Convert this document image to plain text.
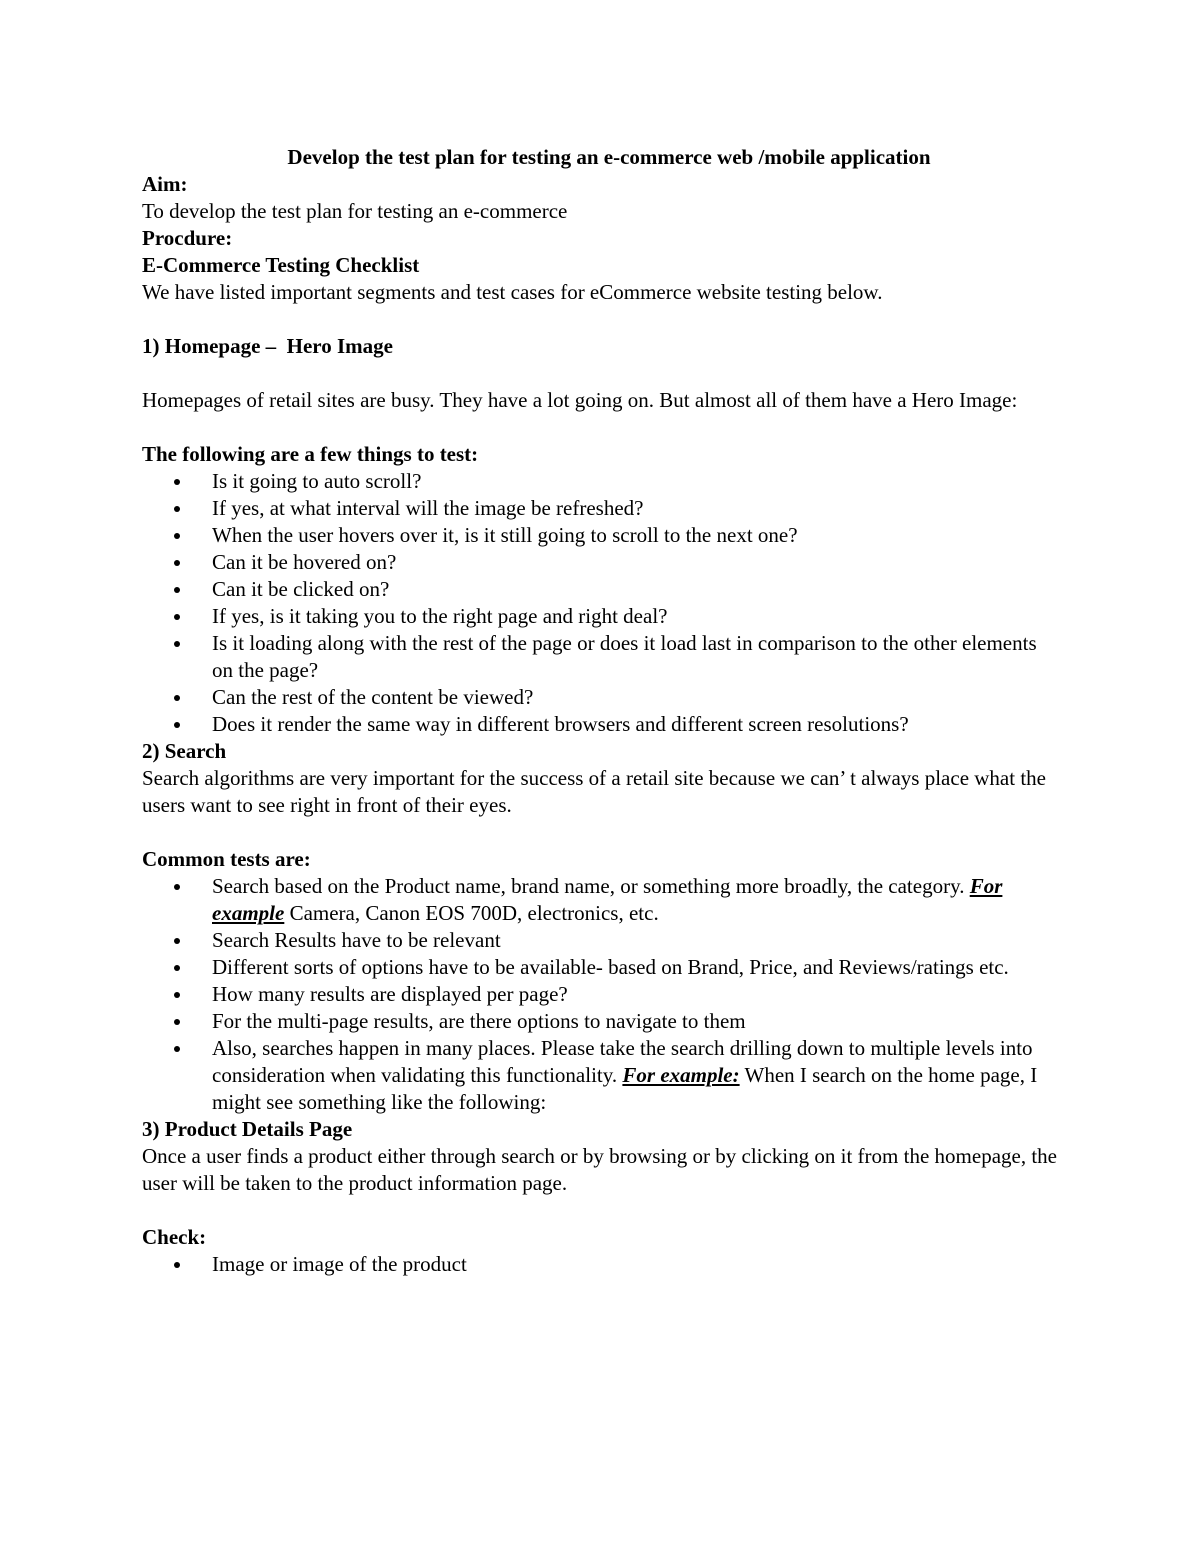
Develop the test plan for testing an e-commerce web /mobile application

Aim:

To develop the test plan for testing an e-commerce

Procdure:

E-Commerce Testing Checklist

We have listed important segments and test cases for eCommerce website testing below.

1) Homepage –  Hero Image

Homepages of retail sites are busy. They have a lot going on. But almost all of them have a Hero Image:

The following are a few things to test:

Is it going to auto scroll?
If yes, at what interval will the image be refreshed?
When the user hovers over it, is it still going to scroll to the next one?
Can it be hovered on?
Can it be clicked on?
If yes, is it taking you to the right page and right deal?
Is it loading along with the rest of the page or does it load last in comparison to the other elements on the page?
Can the rest of the content be viewed?
Does it render the same way in different browsers and different screen resolutions?

2) Search

Search algorithms are very important for the success of a retail site because we can’ t always place what the users want to see right in front of their eyes.

Common tests are:

Search based on the Product name, brand name, or something more broadly, the category. For example Camera, Canon EOS 700D, electronics, etc.
Search Results have to be relevant
Different sorts of options have to be available- based on Brand, Price, and Reviews/ratings etc.
How many results are displayed per page?
For the multi-page results, are there options to navigate to them
Also, searches happen in many places. Please take the search drilling down to multiple levels into consideration when validating this functionality. For example: When I search on the home page, I might see something like the following:

3) Product Details Page

Once a user finds a product either through search or by browsing or by clicking on it from the homepage, the user will be taken to the product information page.

Check:

Image or image of the product
